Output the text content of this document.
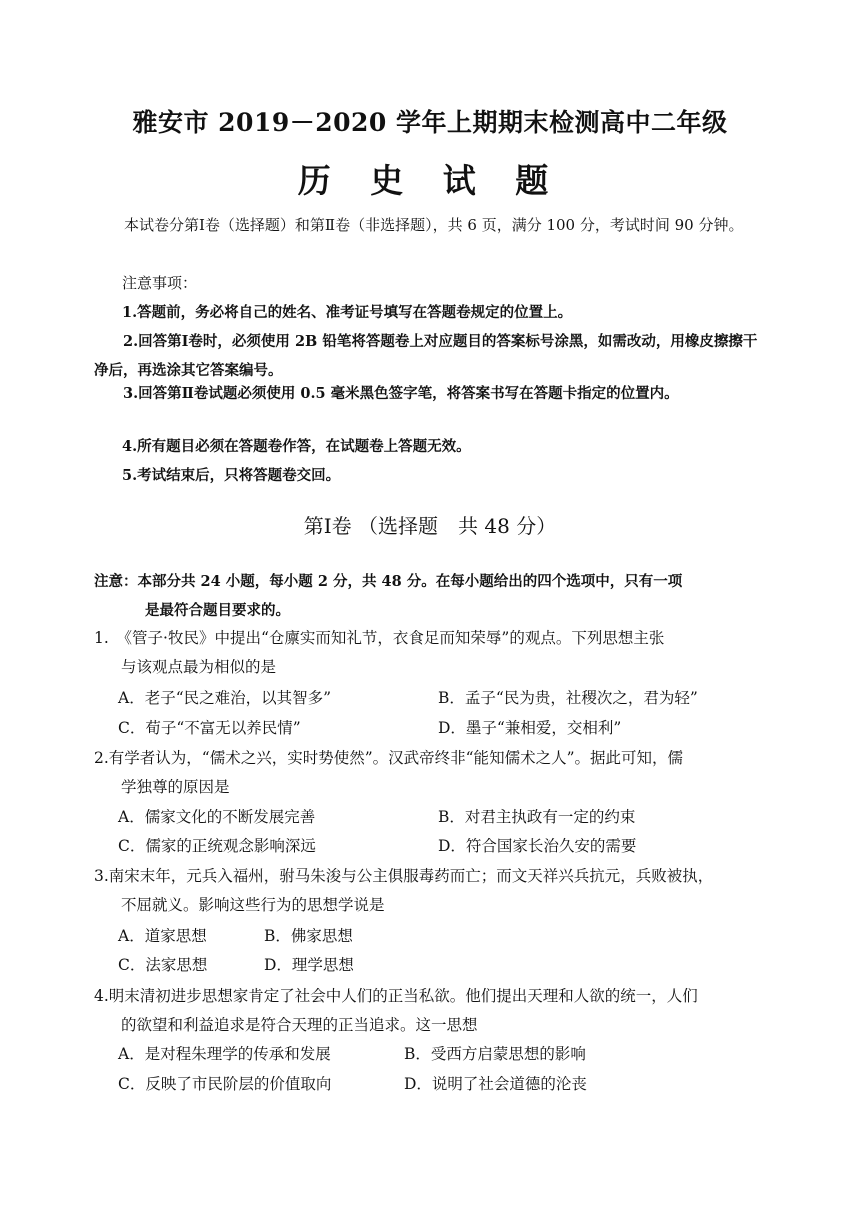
雅安市 2019－2020 学年上期期末检测高中二年级
历 史 试 题
本试卷分第Ⅰ卷（选择题）和第Ⅱ卷（非选择题），共 6 页，满分 100 分，考试时间 90 分钟。
注意事项：
1.答题前，务必将自己的姓名、准考证号填写在答题卷规定的位置上。
2.回答第Ⅰ卷时，必须使用 2B 铅笔将答题卷上对应题目的答案标号涂黑，如需改动，用橡皮擦擦干净后，再选涂其它答案编号。
3.回答第Ⅱ卷试题必须使用 0.5 毫米黑色签字笔，将答案书写在答题卡指定的位置内。
4.所有题目必须在答题卷作答，在试题卷上答题无效。
5.考试结束后，只将答题卷交回。
第Ⅰ卷 （选择题　共 48 分）
注意：本部分共 24 小题，每小题 2 分，共 48 分。在每小题给出的四个选项中，只有一项
是最符合题目要求的。
1.　《管子·牧民》中提出“仓廪实而知礼节，衣食足而知荣辱”的观点。下列思想主张
与该观点最为相似的是
A．老子“民之难治，以其智多”	B．孟子“民为贵，社稷次之，君为轻”
C．荀子“不富无以养民情”	D．墨子“兼相爱，交相利”
2.有学者认为，“儒术之兴，实时势使然”。汉武帝终非“能知儒术之人”。据此可知，儒
学独尊的原因是
A．儒家文化的不断发展完善	B．对君主执政有一定的约束
C．儒家的正统观念影响深远	D．符合国家长治久安的需要
3.南宋末年，元兵入福州，驸马朱浚与公主俱服毒药而亡；而文天祥兴兵抗元，兵败被执，
不屈就义。影响这些行为的思想学说是
A．道家思想	B．佛家思想
C．法家思想	D．理学思想
4.明末清初进步思想家肯定了社会中人们的正当私欲。他们提出天理和人欲的统一，人们
的欲望和利益追求是符合天理的正当追求。这一思想
A．是对程朱理学的传承和发展	B．受西方启蒙思想的影响
C．反映了市民阶层的价值取向	D．说明了社会道德的沦丧
